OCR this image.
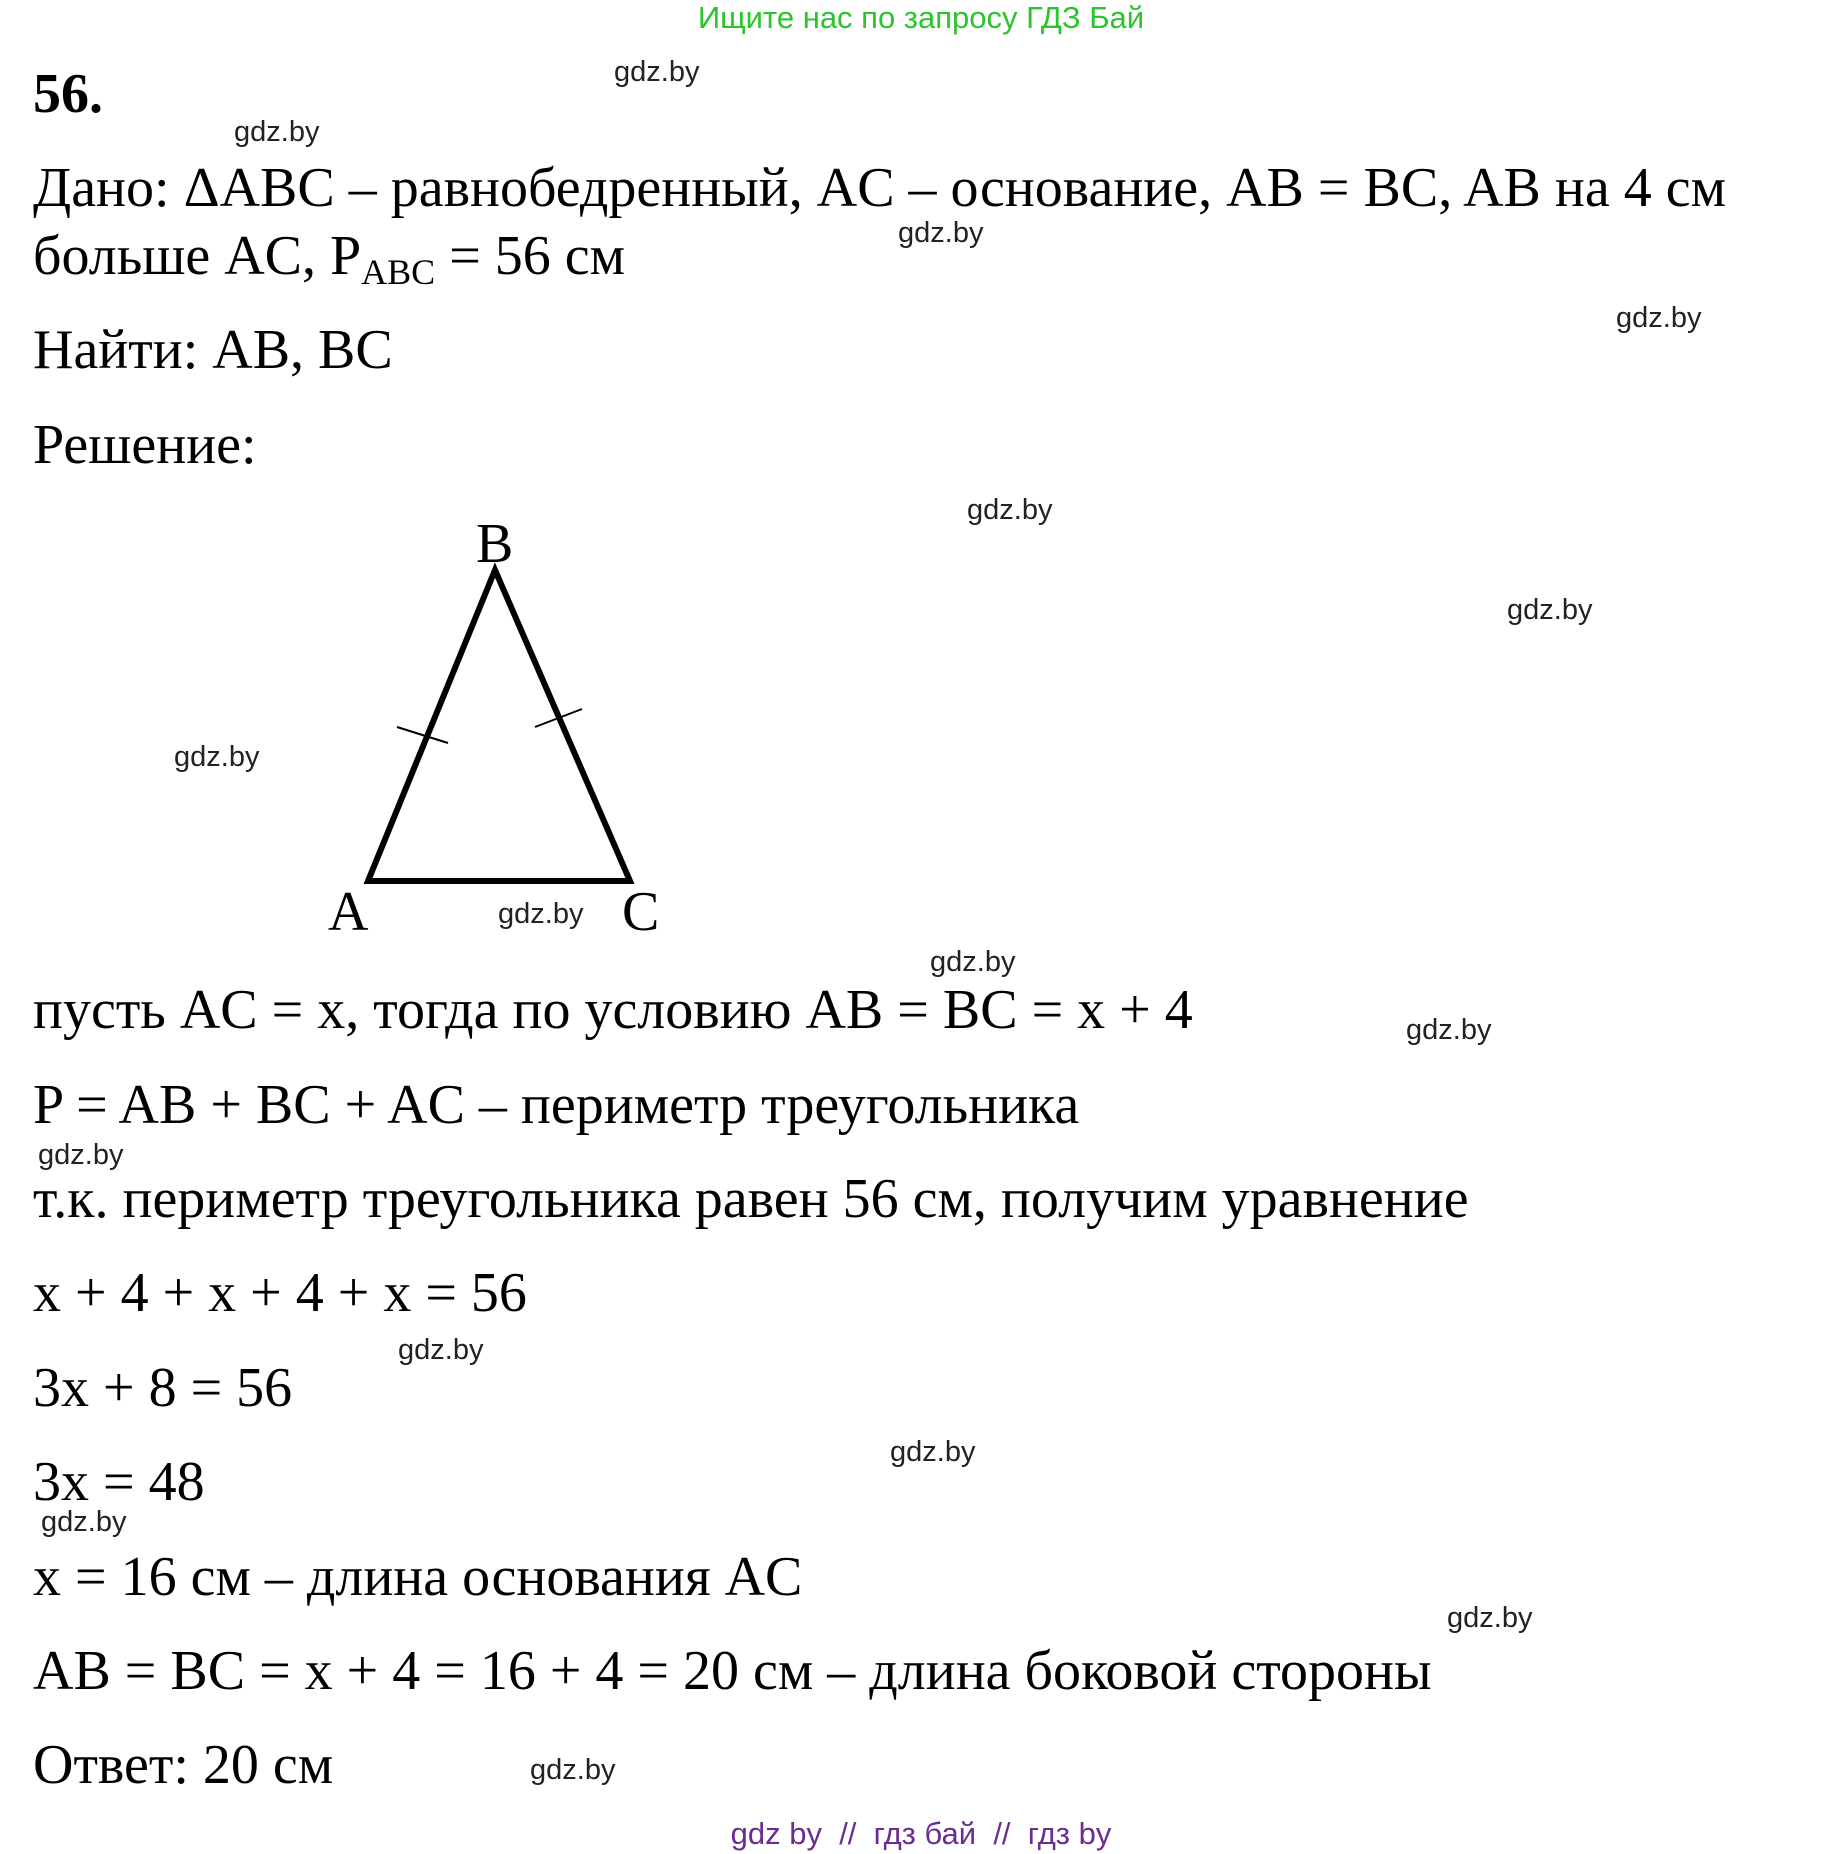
Ищите нас по запросу ГДЗ Бай
56.
Дано: ΔABC – равнобедренный, AC – основание, AB = BC, AB на 4 см
больше AC, $P_{ABC} = 56$ см
Найти: AB, BC
Решение:
B
A	C
пусть AC = x, тогда по условию AB = BC = x + 4
P = AB + BC + AC – периметр треугольника
т.к. периметр треугольника равен 56 см, получим уравнение
x + 4 + x + 4 + x = 56
3x + 8 = 56
3x = 48
x = 16 см – длина основания AC
AB = BC = x + 4 = 16 + 4 = 20 см – длина боковой стороны
Ответ: 20 см
gdz.by
gdz.by
gdz.by
gdz.by
gdz.by
gdz.by
gdz.by
gdz.by
gdz.by
gdz.by
gdz.by
gdz.by
gdz.by
gdz.by
gdz.by
gdz.by
gdz by // гдз бай // гдз by
